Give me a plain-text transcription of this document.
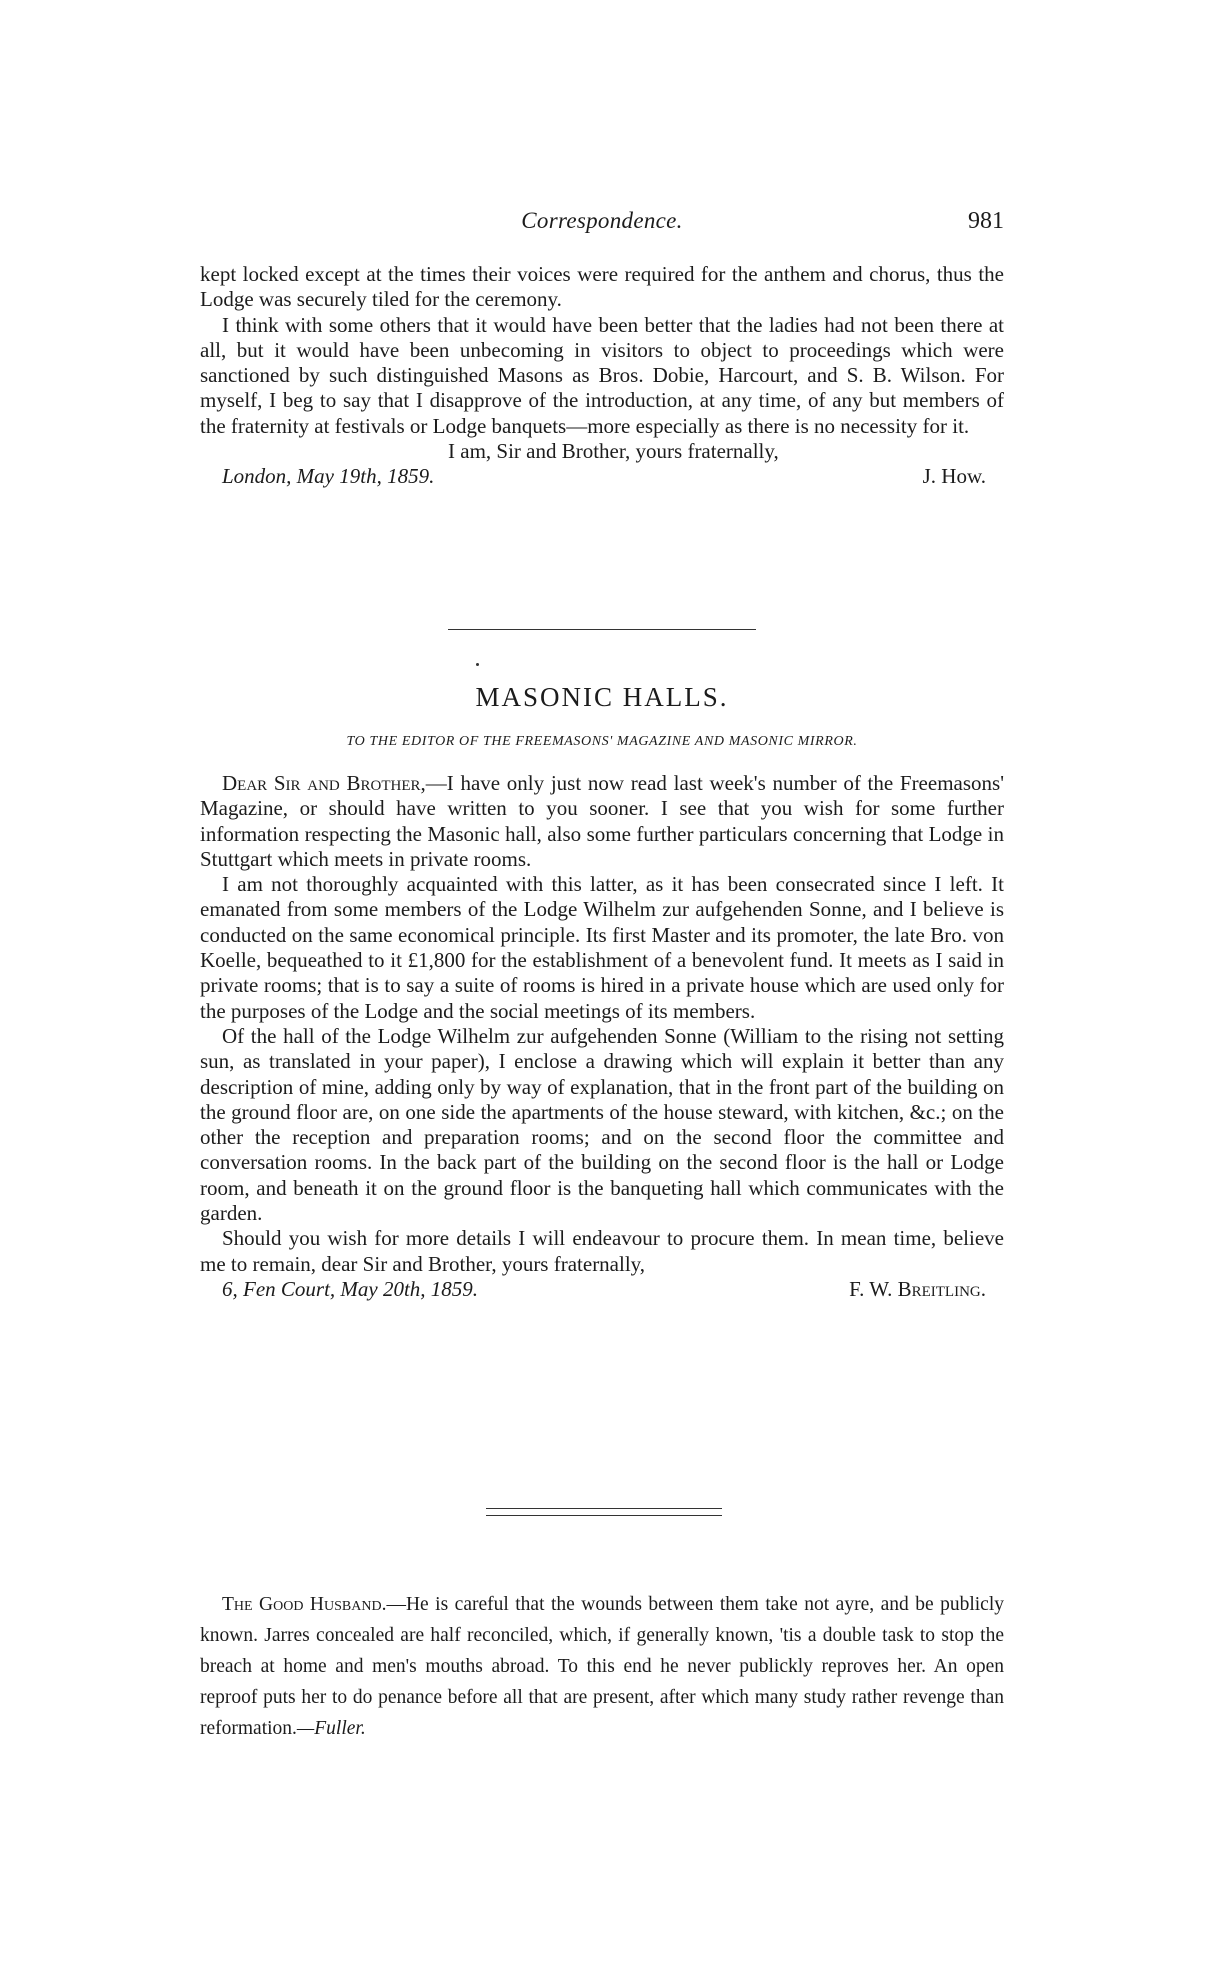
Correspondence.	981

kept locked except at the times their voices were required for the anthem and chorus, thus the Lodge was securely tiled for the ceremony.

I think with some others that it would have been better that the ladies had not been there at all, but it would have been unbecoming in visitors to object to proceedings which were sanctioned by such distinguished Masons as Bros. Dobie, Harcourt, and S. B. Wilson. For myself, I beg to say that I disapprove of the introduction, at any time, of any but members of the fraternity at festivals or Lodge banquets—more especially as there is no necessity for it.

I am, Sir and Brother, yours fraternally,

London, May 19th, 1859.	J. How.
MASONIC HALLS.
TO THE EDITOR OF THE FREEMASONS' MAGAZINE AND MASONIC MIRROR.

Dear Sir and Brother,—I have only just now read last week's number of the Freemasons' Magazine, or should have written to you sooner. I see that you wish for some further information respecting the Masonic hall, also some further particulars concerning that Lodge in Stuttgart which meets in private rooms.

I am not thoroughly acquainted with this latter, as it has been consecrated since I left. It emanated from some members of the Lodge Wilhelm zur aufgehenden Sonne, and I believe is conducted on the same economical principle. Its first Master and its promoter, the late Bro. von Koelle, bequeathed to it £1,800 for the establishment of a benevolent fund. It meets as I said in private rooms; that is to say a suite of rooms is hired in a private house which are used only for the purposes of the Lodge and the social meetings of its members.

Of the hall of the Lodge Wilhelm zur aufgehenden Sonne (William to the rising not setting sun, as translated in your paper), I enclose a drawing which will explain it better than any description of mine, adding only by way of explanation, that in the front part of the building on the ground floor are, on one side the apartments of the house steward, with kitchen, &c.; on the other the reception and preparation rooms; and on the second floor the committee and conversation rooms. In the back part of the building on the second floor is the hall or Lodge room, and beneath it on the ground floor is the banqueting hall which communicates with the garden.

Should you wish for more details I will endeavour to procure them. In mean time, believe me to remain, dear Sir and Brother, yours fraternally,

6, Fen Court, May 20th, 1859.	F. W. Breitling.

The Good Husband.—He is careful that the wounds between them take not ayre, and be publicly known. Jarres concealed are half reconciled, which, if generally known, 'tis a double task to stop the breach at home and men's mouths abroad. To this end he never publickly reproves her. An open reproof puts her to do penance before all that are present, after which many study rather revenge than reformation.—Fuller.
